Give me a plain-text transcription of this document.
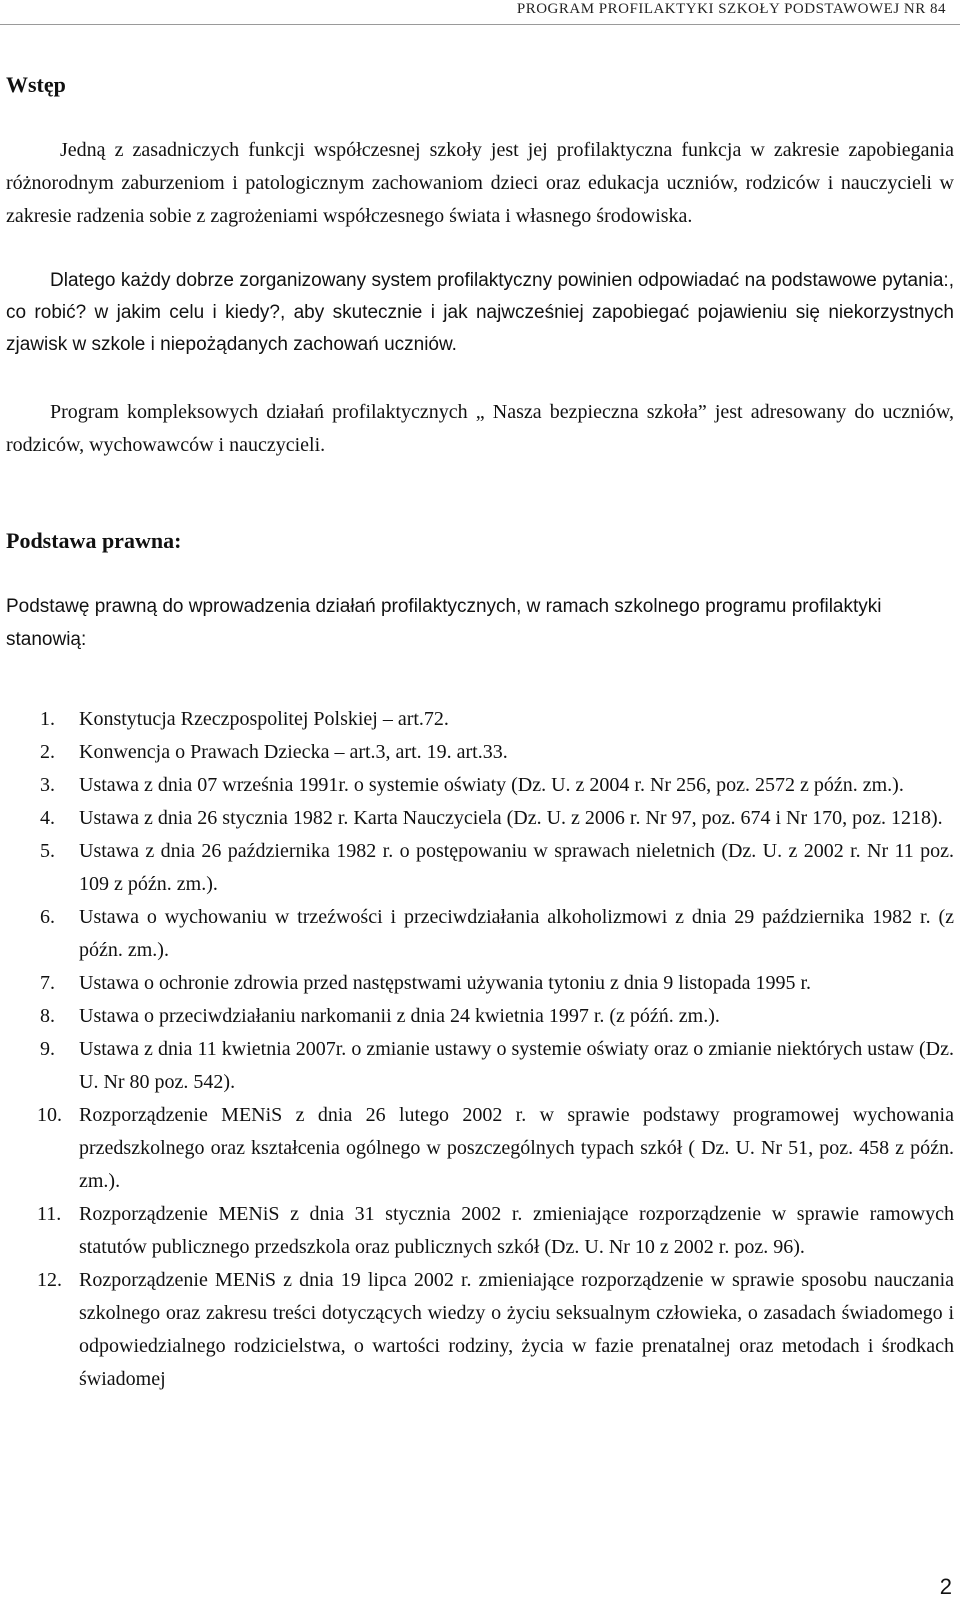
PROGRAM PROFILAKTYKI SZKOŁY PODSTAWOWEJ NR 84
Wstęp

Jedną z zasadniczych funkcji współczesnej szkoły jest jej profilaktyczna funkcja w zakresie zapobiegania różnorodnym zaburzeniom i patologicznym zachowaniom dzieci oraz edukacja uczniów, rodziców i nauczycieli w zakresie radzenia sobie z zagrożeniami współczesnego świata i własnego środowiska.

Dlatego każdy dobrze zorganizowany system profilaktyczny powinien odpowiadać na podstawowe pytania:, co robić? w jakim celu i kiedy?, aby skutecznie i jak najwcześniej zapobiegać pojawieniu się niekorzystnych zjawisk w szkole i niepożądanych zachowań uczniów.

Program kompleksowych działań profilaktycznych „ Nasza bezpieczna szkoła” jest adresowany do uczniów, rodziców, wychowawców i nauczycieli.

Podstawa prawna:

Podstawę prawną do wprowadzenia działań profilaktycznych, w ramach szkolnego programu profilaktyki stanowią:

1. Konstytucja Rzeczpospolitej Polskiej – art.72.
2. Konwencja o Prawach Dziecka – art.3, art. 19. art.33.
3. Ustawa z dnia 07 września 1991r. o systemie oświaty (Dz. U. z 2004 r. Nr 256, poz. 2572 z późn. zm.).
4. Ustawa z dnia 26 stycznia 1982 r. Karta Nauczyciela (Dz. U. z 2006 r. Nr 97, poz. 674 i Nr 170, poz. 1218).
5. Ustawa z dnia 26 października 1982 r. o postępowaniu w sprawach nieletnich (Dz. U. z 2002 r. Nr 11 poz. 109 z późn. zm.).
6. Ustawa o wychowaniu w trzeźwości i przeciwdziałania alkoholizmowi z dnia 29 października 1982 r. (z późn. zm.).
7. Ustawa o ochronie zdrowia przed następstwami używania tytoniu z dnia 9 listopada 1995 r.
8. Ustawa o przeciwdziałaniu narkomanii z dnia 24 kwietnia 1997 r. (z późń. zm.).
9. Ustawa z dnia 11 kwietnia 2007r. o zmianie ustawy o systemie oświaty oraz o zmianie niektórych ustaw (Dz. U. Nr 80 poz. 542).
10. Rozporządzenie MENiS z dnia 26 lutego 2002 r. w sprawie podstawy programowej wychowania przedszkolnego oraz kształcenia ogólnego w poszczególnych typach szkół ( Dz. U. Nr 51, poz. 458 z późn. zm.).
11. Rozporządzenie MENiS z dnia 31 stycznia 2002 r. zmieniające rozporządzenie w sprawie ramowych statutów publicznego przedszkola oraz publicznych szkół (Dz. U. Nr 10 z 2002 r. poz. 96).
12. Rozporządzenie MENiS z dnia 19 lipca 2002 r. zmieniające rozporządzenie w sprawie sposobu nauczania szkolnego oraz zakresu treści dotyczących wiedzy o życiu seksualnym człowieka, o zasadach świadomego i odpowiedzialnego rodzicielstwa, o wartości rodziny, życia w fazie prenatalnej oraz metodach i środkach świadomej
2
